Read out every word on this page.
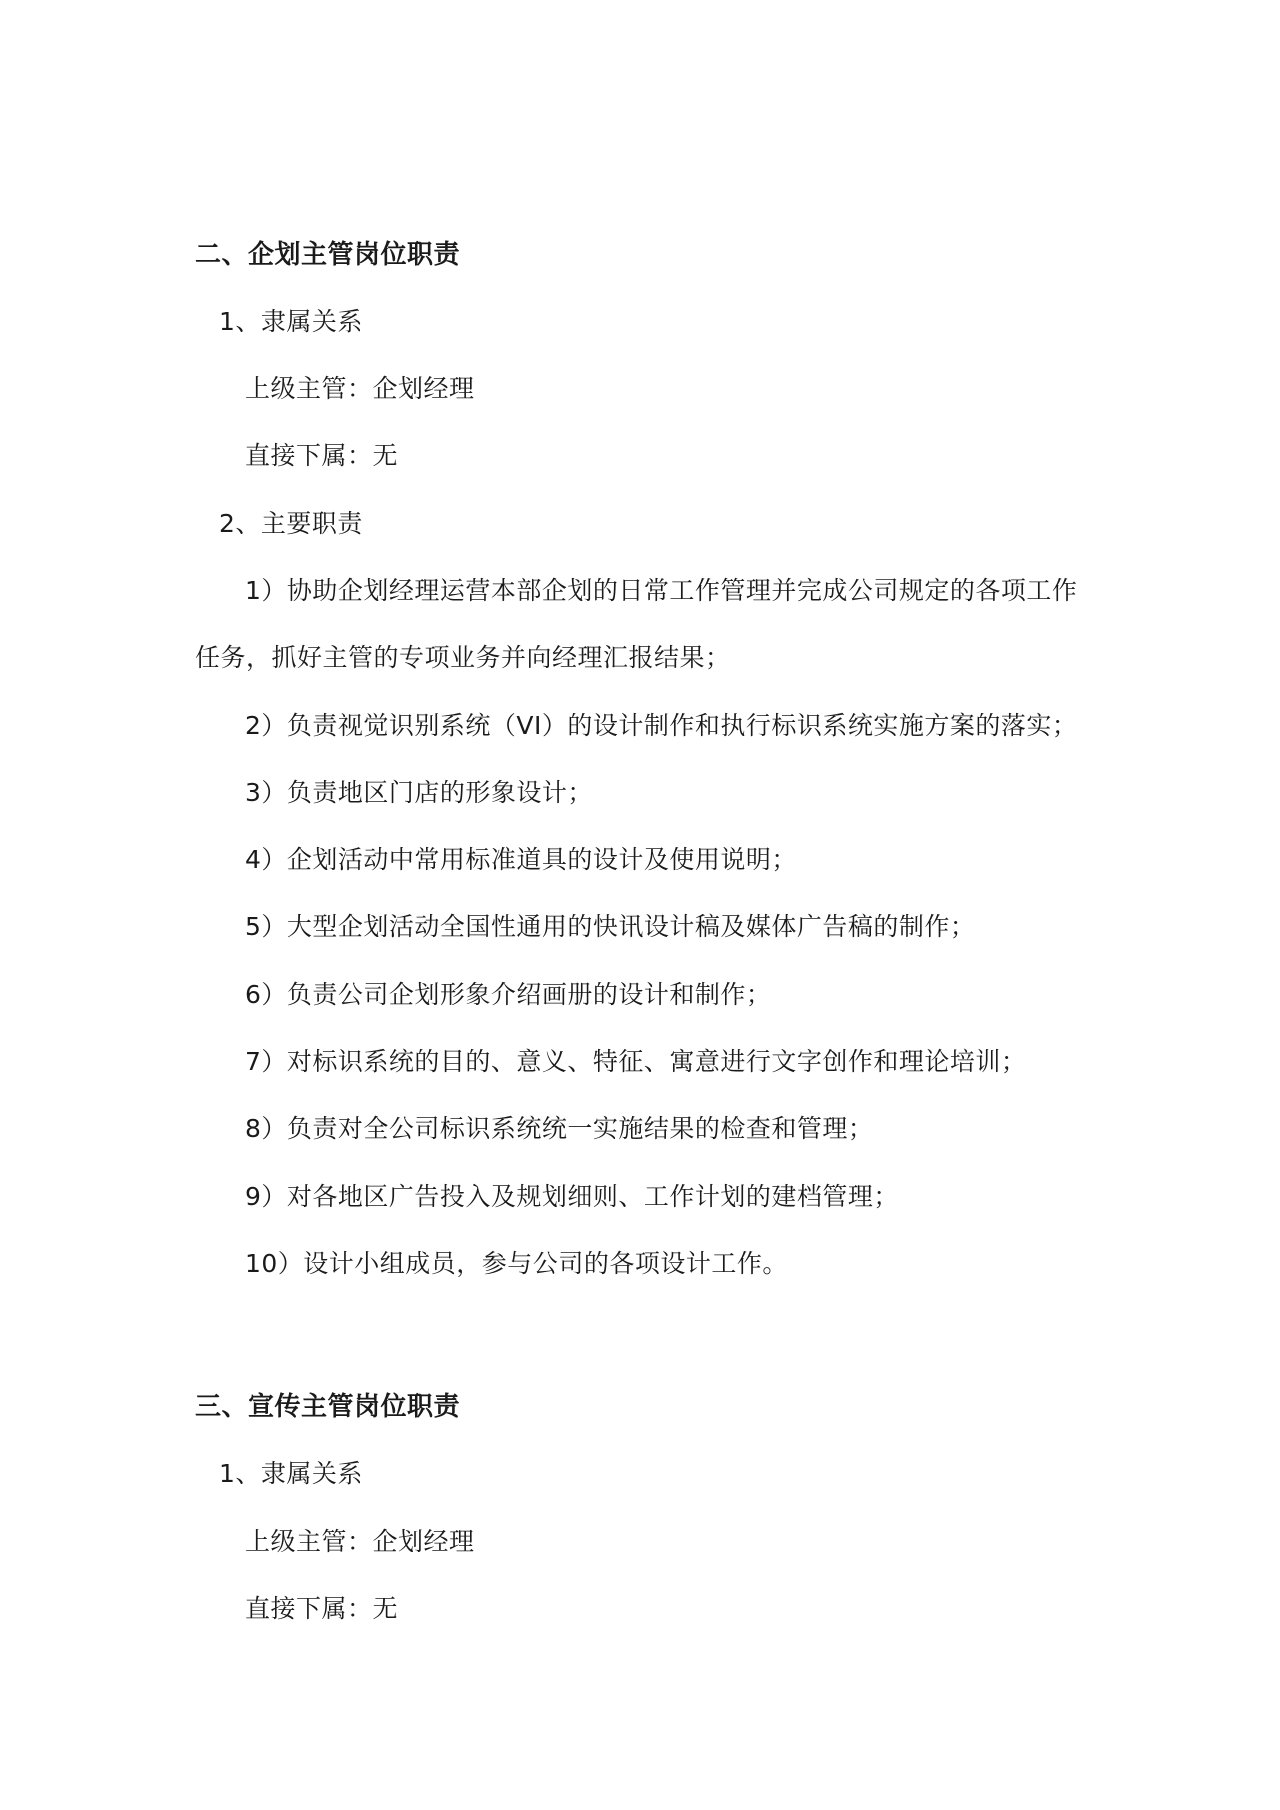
二、企划主管岗位职责
1、隶属关系
上级主管：企划经理
直接下属：无
2、主要职责
1）协助企划经理运营本部企划的日常工作管理并完成公司规定的各项工作
任务，抓好主管的专项业务并向经理汇报结果；
2）负责视觉识别系统（VI）的设计制作和执行标识系统实施方案的落实；
3）负责地区门店的形象设计；
4）企划活动中常用标准道具的设计及使用说明；
5）大型企划活动全国性通用的快讯设计稿及媒体广告稿的制作；
6）负责公司企划形象介绍画册的设计和制作；
7）对标识系统的目的、意义、特征、寓意进行文字创作和理论培训；
8）负责对全公司标识系统统一实施结果的检查和管理；
9）对各地区广告投入及规划细则、工作计划的建档管理；
10）设计小组成员，参与公司的各项设计工作。
三、宣传主管岗位职责
1、隶属关系
上级主管：企划经理
直接下属：无
